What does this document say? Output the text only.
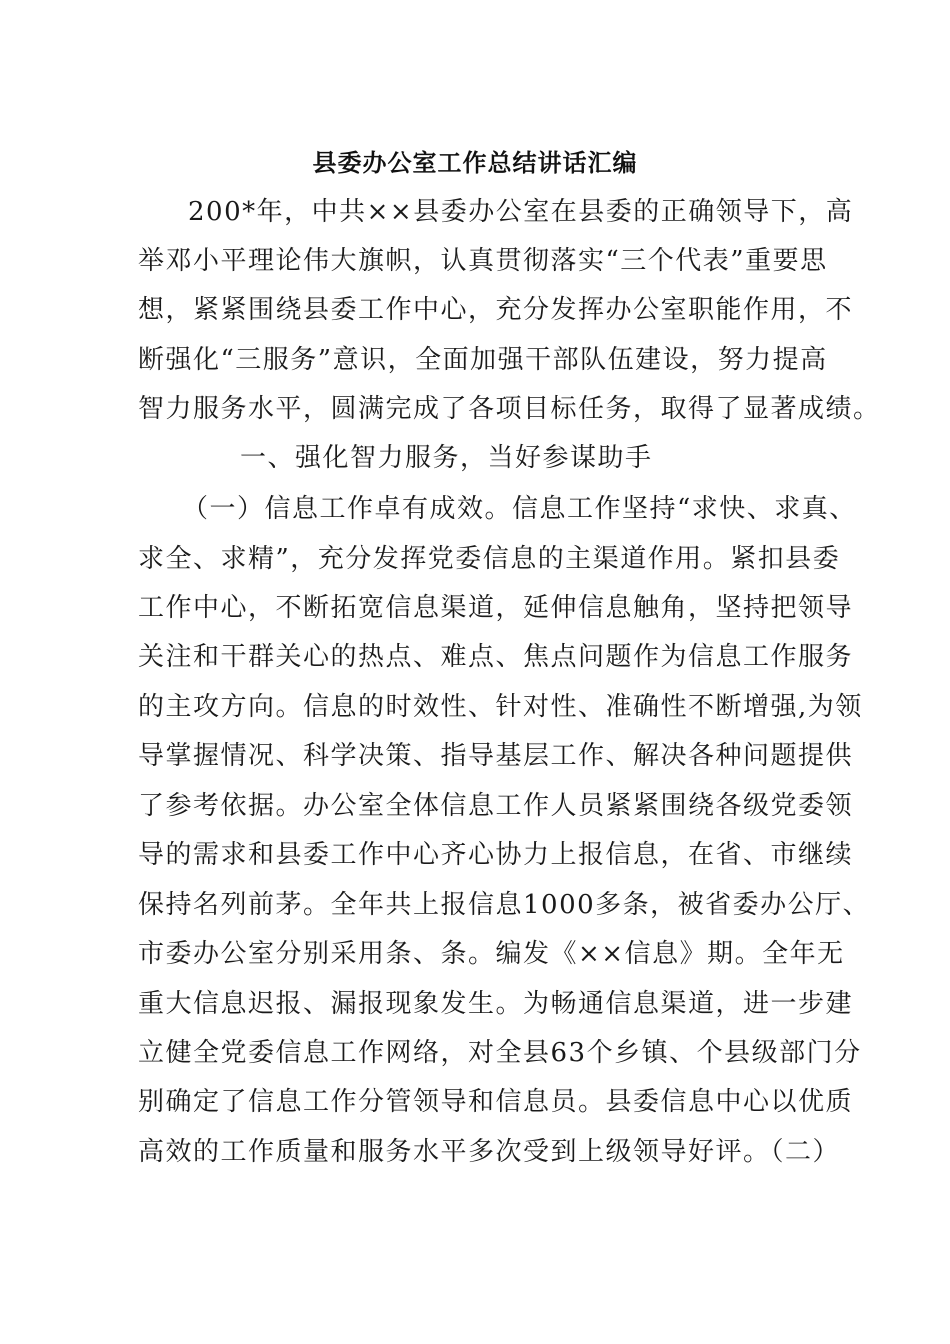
县委办公室工作总结讲话汇编
200*年，中共××县委办公室在县委的正确领导下，高
举邓小平理论伟大旗帜，认真贯彻落实“三个代表”重要思
想，紧紧围绕县委工作中心，充分发挥办公室职能作用，不
断强化“三服务”意识，全面加强干部队伍建设，努力提高
智力服务水平，圆满完成了各项目标任务，取得了显著成绩。
一、强化智力服务，当好参谋助手
（一）信息工作卓有成效。信息工作坚持“求快、求真、
求全、求精”，充分发挥党委信息的主渠道作用。紧扣县委
工作中心，不断拓宽信息渠道，延伸信息触角，坚持把领导
关注和干群关心的热点、难点、焦点问题作为信息工作服务
的主攻方向。信息的时效性、针对性、准确性不断增强,为领
导掌握情况、科学决策、指导基层工作、解决各种问题提供
了参考依据。办公室全体信息工作人员紧紧围绕各级党委领
导的需求和县委工作中心齐心协力上报信息，在省、市继续
保持名列前茅。全年共上报信息1000多条，被省委办公厅、
市委办公室分别采用条、条。编发《××信息》期。全年无
重大信息迟报、漏报现象发生。为畅通信息渠道，进一步建
立健全党委信息工作网络，对全县63个乡镇、个县级部门分
别确定了信息工作分管领导和信息员。县委信息中心以优质
高效的工作质量和服务水平多次受到上级领导好评。（二）
